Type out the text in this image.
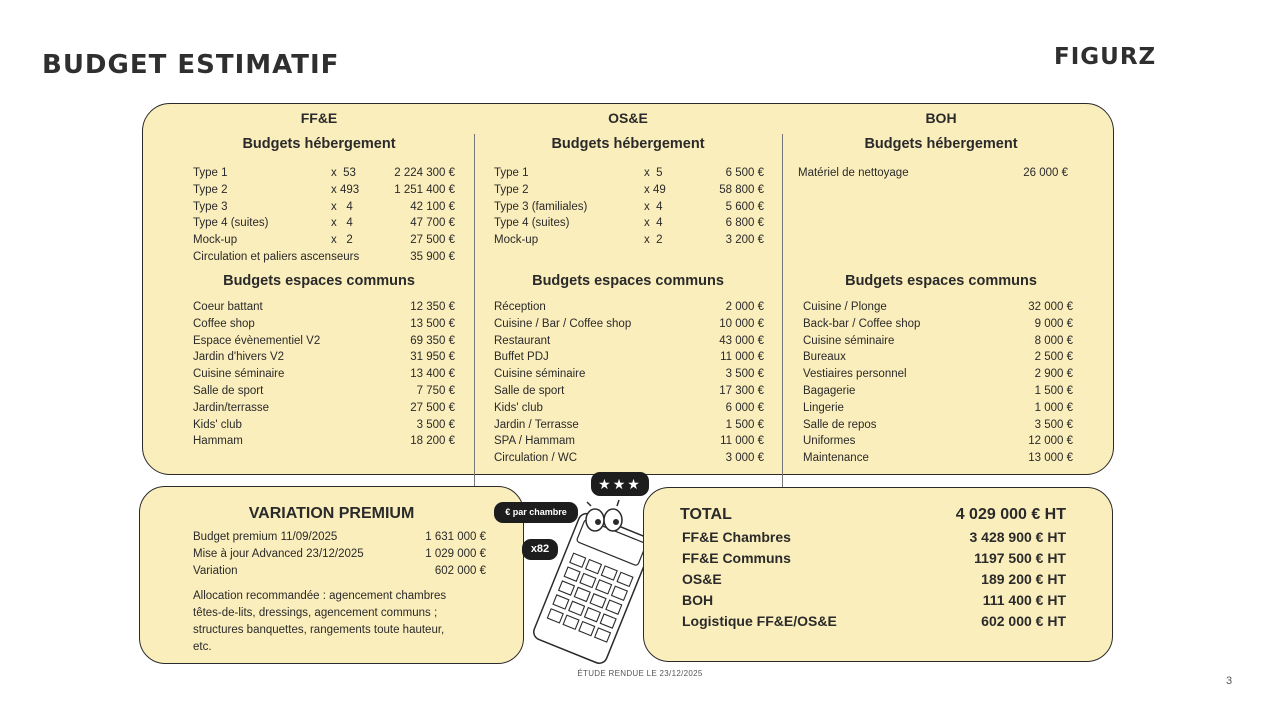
BUDGET ESTIMATIF	FIGURZ
FF&E
Budgets hébergement
Type 1	x  53	2 224 300 €
Type 2	x 493	1 251 400 €
Type 3	x   4	42 100 €
Type 4 (suites)	x   4	47 700 €
Mock-up	x   2	27 500 €
Circulation et paliers ascenseurs	35 900 €
Budgets espaces communs
Coeur battant	12 350 €
Coffee shop	13 500 €
Espace évènementiel V2	69 350 €
Jardin d'hivers V2	31 950 €
Cuisine séminaire	13 400 €
Salle de sport	7 750 €
Jardin/terrasse	27 500 €
Kids' club	3 500 €
Hammam	18 200 €
OS&E
Budgets hébergement
Type 1	x  5	6 500 €
Type 2	x 49	58 800 €
Type 3 (familiales)	x  4	5 600 €
Type 4 (suites)	x  4	6 800 €
Mock-up	x  2	3 200 €
Budgets espaces communs
Réception	2 000 €
Cuisine / Bar / Coffee shop	10 000 €
Restaurant	43 000 €
Buffet PDJ	11 000 €
Cuisine séminaire	3 500 €
Salle de sport	17 300 €
Kids' club	6 000 €
Jardin / Terrasse	1 500 €
SPA / Hammam	11 000 €
Circulation / WC	3 000 €
BOH
Budgets hébergement
Matériel de nettoyage	26 000 €
Budgets espaces communs
Cuisine / Plonge	32 000 €
Back-bar / Coffee shop	9 000 €
Cuisine séminaire	8 000 €
Bureaux	2 500 €
Vestiaires personnel	2 900 €
Bagagerie	1 500 €
Lingerie	1 000 €
Salle de repos	3 500 €
Uniformes	12 000 €
Maintenance	13 000 €
VARIATION PREMIUM
Budget premium 11/09/2025	1 631 000 €
Mise à jour Advanced 23/12/2025	1 029 000 €
Variation	602 000 €
Allocation recommandée : agencement chambres
têtes-de-lits, dressings, agencement communs ;
structures banquettes, rangements toute hauteur,
etc.
€ par chambre
x82
★★★
TOTAL	4 029 000 € HT
FF&E Chambres	3 428 900 € HT
FF&E Communs	1197 500 € HT
OS&E	189 200 € HT
BOH	111 400 € HT
Logistique FF&E/OS&E	602 000 € HT
ÉTUDE RENDUE LE 23/12/2025
3
